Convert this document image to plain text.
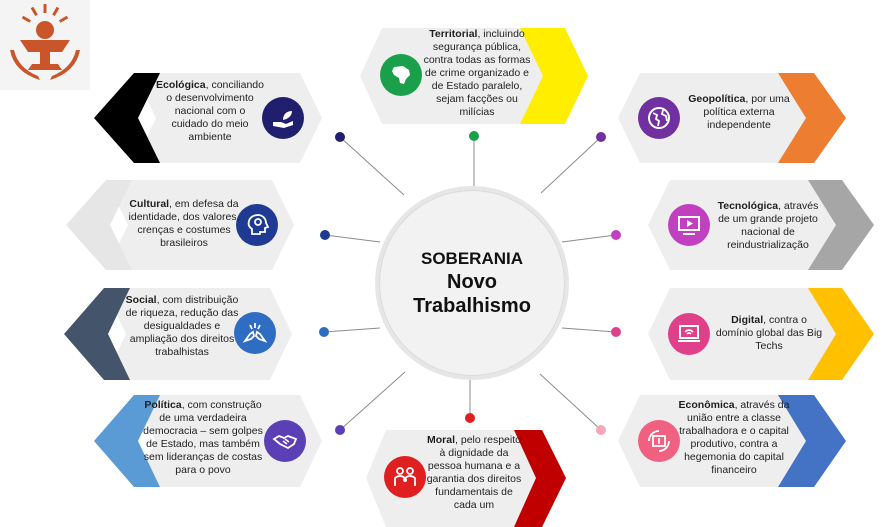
Territorial, incluindo segurança pública, contra todas as formas de crime organizado e de Estado paralelo, sejam facções ou milícias
Ecológica, conciliando o desenvolvimento nacional com o cuidado do meio ambiente
Geopolítica, por uma política externa independente
Cultural, em defesa da identidade, dos valores, crenças e costumes brasileiros
Tecnológica, através de um grande projeto nacional de reindustrialização
Social, com distribuição de riqueza, redução das desigualdades e ampliação dos direitos trabalhistas
Digital, contra o domínio global das Big Techs
Política, com construção de uma verdadeira democracia – sem golpes de Estado, mas também sem lideranças de costas para o povo
Moral, pelo respeito à dignidade da pessoa humana e a garantia dos direitos fundamentais de cada um
Econômica, através da união entre a classe trabalhadora e o capital produtivo, contra a hegemonia do capital financeiro
SOBERANIA
Novo
Trabalhismo
